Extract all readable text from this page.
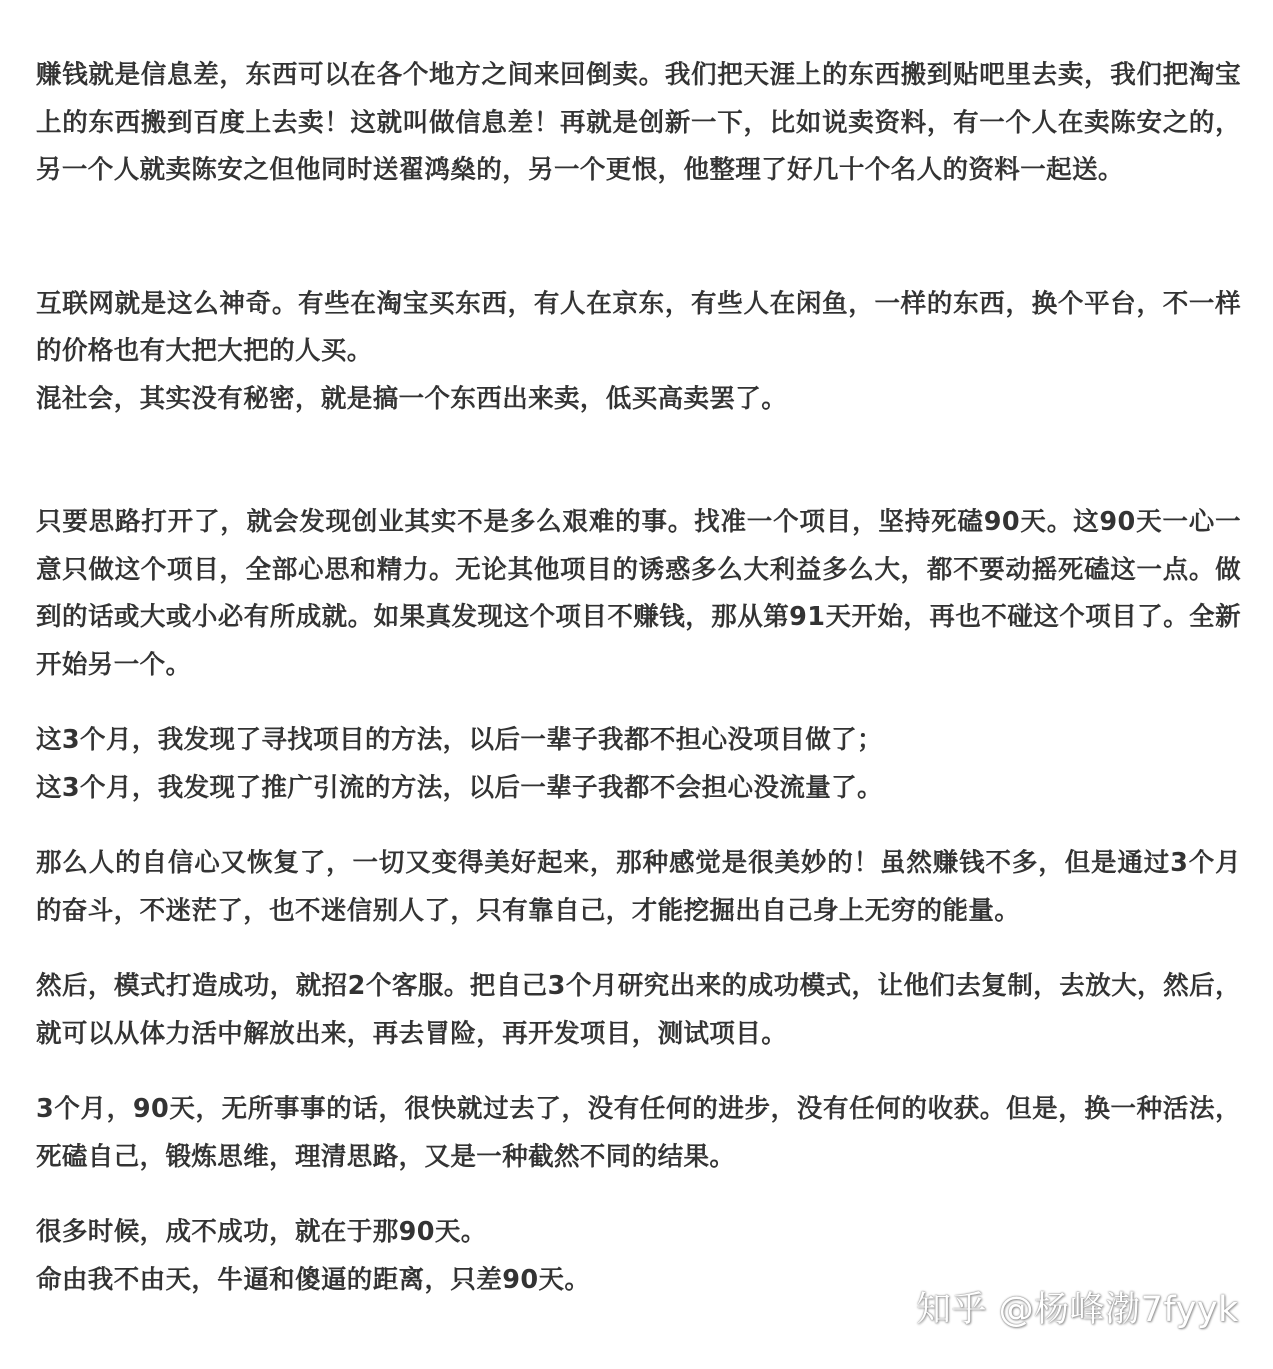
赚钱就是信息差，东西可以在各个地方之间来回倒卖。我们把天涯上的东西搬到贴吧里去卖，我们把淘宝上的东西搬到百度上去卖！这就叫做信息差！再就是创新一下，比如说卖资料，有一个人在卖陈安之的，另一个人就卖陈安之但他同时送翟鸿燊的，另一个更恨，他整理了好几十个名人的资料一起送。

互联网就是这么神奇。有些在淘宝买东西，有人在京东，有些人在闲鱼，一样的东西，换个平台，不一样的价格也有大把大把的人买。
混社会，其实没有秘密，就是搞一个东西出来卖，低买高卖罢了。

只要思路打开了，就会发现创业其实不是多么艰难的事。找准一个项目，坚持死磕90天。这90天一心一意只做这个项目，全部心思和精力。无论其他项目的诱惑多么大利益多么大，都不要动摇死磕这一点。做到的话或大或小必有所成就。如果真发现这个项目不赚钱，那从第91天开始，再也不碰这个项目了。全新开始另一个。

这3个月，我发现了寻找项目的方法，以后一辈子我都不担心没项目做了；
这3个月，我发现了推广引流的方法，以后一辈子我都不会担心没流量了。

那么人的自信心又恢复了，一切又变得美好起来，那种感觉是很美妙的！虽然赚钱不多，但是通过3个月的奋斗，不迷茫了，也不迷信别人了，只有靠自己，才能挖掘出自己身上无穷的能量。

然后，模式打造成功，就招2个客服。把自己3个月研究出来的成功模式，让他们去复制，去放大，然后，就可以从体力活中解放出来，再去冒险，再开发项目，测试项目。

3个月，90天，无所事事的话，很快就过去了，没有任何的进步，没有任何的收获。但是，换一种活法，死磕自己，锻炼思维，理清思路，又是一种截然不同的结果。

很多时候，成不成功，就在于那90天。
命由我不由天，牛逼和傻逼的距离，只差90天。

知乎 @杨峰渤7fyyk
